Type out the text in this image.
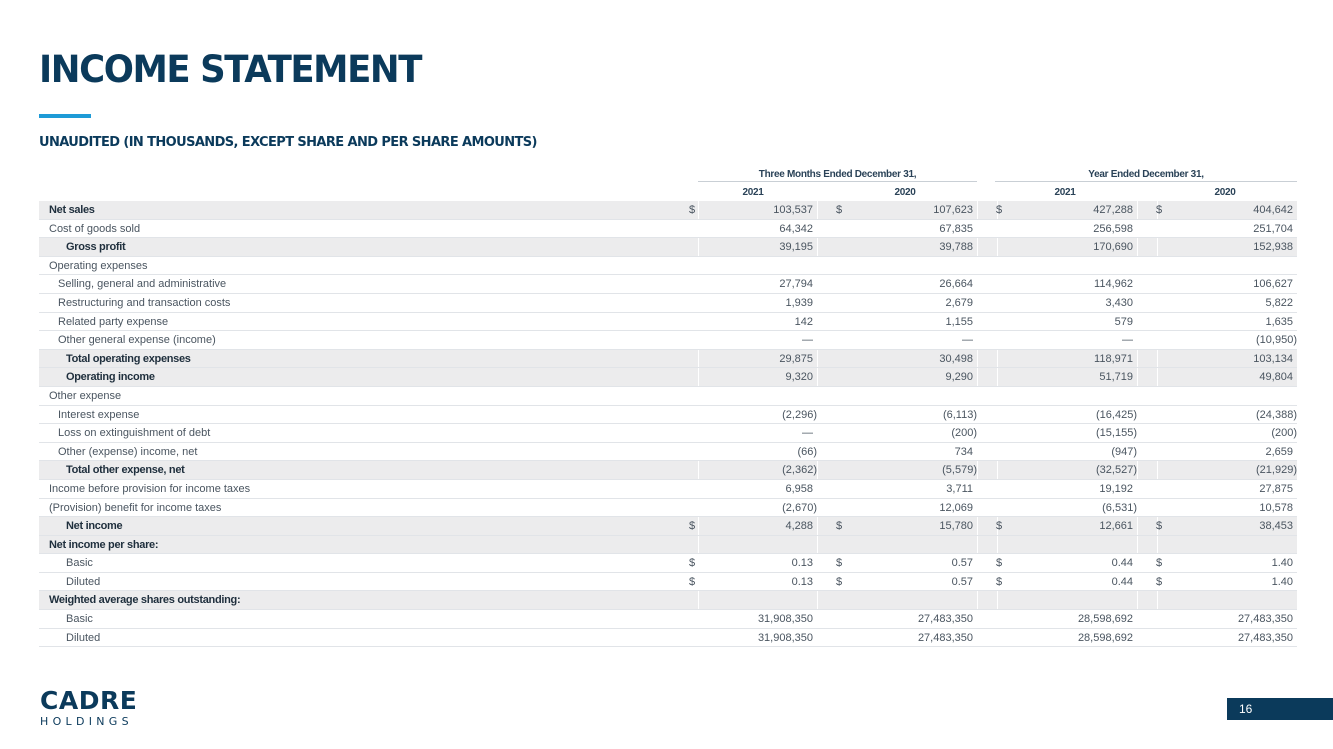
INCOME STATEMENT
UNAUDITED (IN THOUSANDS, EXCEPT SHARE AND PER SHARE AMOUNTS)
Three Months Ended December 31,	Year Ended December 31,
2021	2020	2021	2020
Net sales	$	103,537 $	107,623 $	427,288 $	404,642
Cost of goods sold	64,342	67,835	256,598	251,704
Gross profit	39,195	39,788	170,690	152,938
Operating expenses
Selling, general and administrative	27,794	26,664	114,962	106,627
Restructuring and transaction costs	1,939	2,679	3,430	5,822
Related party expense	142	1,155	579	1,635
Other general expense (income)	—	—	—	(10,950)
Total operating expenses	29,875	30,498	118,971	103,134
Operating income	9,320	9,290	51,719	49,804
Other expense
Interest expense	(2,296)	(6,113)	(16,425)	(24,388)
Loss on extinguishment of debt	—	(200)	(15,155)	(200)
Other (expense) income, net	(66)	734	(947)	2,659
Total other expense, net	(2,362)	(5,579)	(32,527)	(21,929)
Income before provision for income taxes	6,958	3,711	19,192	27,875
(Provision) benefit for income taxes	(2,670)	12,069	(6,531)	10,578
Net income	$	4,288 $	15,780 $	12,661 $	38,453
Net income per share:
Basic	$	0.13 $	0.57 $	0.44 $	1.40
Diluted	$	0.13 $	0.57 $	0.44 $	1.40
Weighted average shares outstanding:
Basic	31,908,350	27,483,350	28,598,692	27,483,350
Diluted	31,908,350	27,483,350	28,598,692	27,483,350
CADRE
HOLDINGS
16
